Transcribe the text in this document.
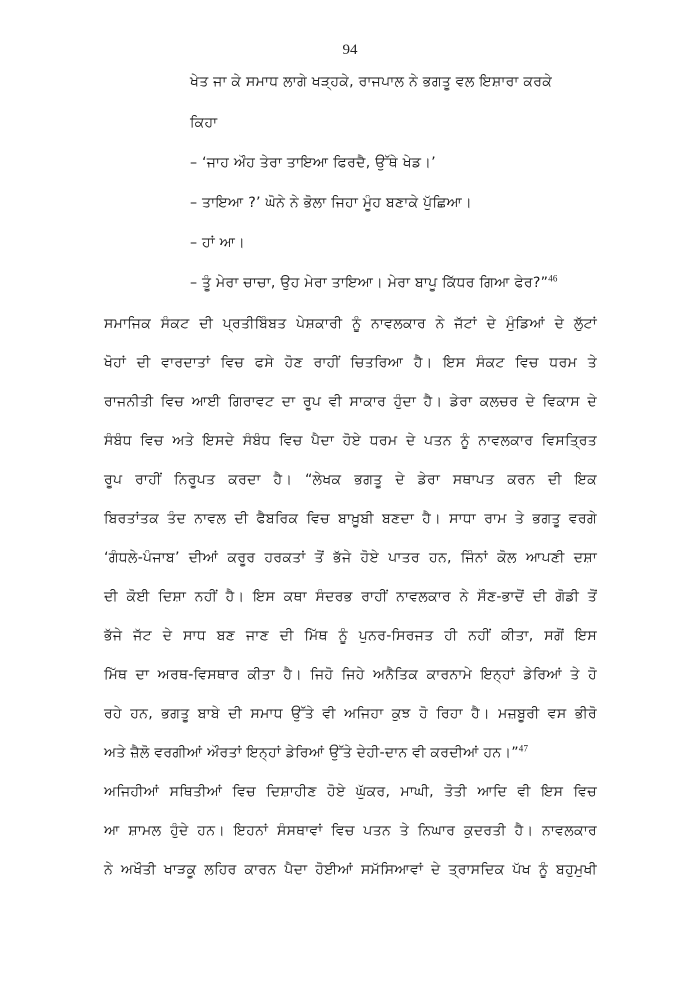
94
ਖੇਤ ਜਾ ਕੇ ਸਮਾਧ ਲਾਗੇ ਖੜ੍ਹਕੇ, ਰਾਜਪਾਲ ਨੇ ਭਗਤੂ ਵਲ ਇਸ਼ਾਰਾ ਕਰਕੇ
ਕਿਹਾ
– ‘ਜਾਹ ਔਹ ਤੇਰਾ ਤਾਇਆ ਫਿਰਦੈ, ਉੱਥੇ ਖੇਡ।’
– ਤਾਇਆ ?’ ਘੋਨੇ ਨੇ ਭੋਲਾ ਜਿਹਾ ਮੂੰਹ ਬਣਾਕੇ ਪੁੱਛਿਆ।
– ਹਾਂ ਆ।
– ਤੂੰ ਮੇਰਾ ਚਾਚਾ, ਉਹ ਮੇਰਾ ਤਾਇਆ। ਮੇਰਾ ਬਾਪੂ ਕਿੱਧਰ ਗਿਆ ਫੇਰ?”$^{46}$
ਸਮਾਜਿਕ ਸੰਕਟ ਦੀ ਪ੍ਰਤੀਬਿੰਬਤ ਪੇਸ਼ਕਾਰੀ ਨੂੰ ਨਾਵਲਕਾਰ ਨੇ ਜੱਟਾਂ ਦੇ ਮੁੰਡਿਆਂ ਦੇ ਲੁੱਟਾਂ
ਖੋਹਾਂ ਦੀ ਵਾਰਦਾਤਾਂ ਵਿਚ ਫਸੇ ਹੋਣ ਰਾਹੀਂ ਚਿਤਰਿਆ ਹੈ। ਇਸ ਸੰਕਟ ਵਿਚ ਧਰਮ ਤੇ
ਰਾਜਨੀਤੀ ਵਿਚ ਆਈ ਗਿਰਾਵਟ ਦਾ ਰੂਪ ਵੀ ਸਾਕਾਰ ਹੁੰਦਾ ਹੈ। ਡੇਰਾ ਕਲਚਰ ਦੇ ਵਿਕਾਸ ਦੇ
ਸੰਬੰਧ ਵਿਚ ਅਤੇ ਇਸਦੇ ਸੰਬੰਧ ਵਿਚ ਪੈਦਾ ਹੋਏ ਧਰਮ ਦੇ ਪਤਨ ਨੂੰ ਨਾਵਲਕਾਰ ਵਿਸਤ੍ਰਿਤ
ਰੂਪ ਰਾਹੀਂ ਨਿਰੂਪਤ ਕਰਦਾ ਹੈ। “ਲੇਖਕ ਭਗਤੂ ਦੇ ਡੇਰਾ ਸਥਾਪਤ ਕਰਨ ਦੀ ਇਕ
ਬਿਰਤਾਂਤਕ ਤੰਦ ਨਾਵਲ ਦੀ ਫੈਬਰਿਕ ਵਿਚ ਬਾਖ਼ੂਬੀ ਬਣਦਾ ਹੈ। ਸਾਧਾ ਰਾਮ ਤੇ ਭਗਤੂ ਵਰਗੇ
‘ਗੰਧਲੇ-ਪੰਜਾਬ’ ਦੀਆਂ ਕਰੂਰ ਹਰਕਤਾਂ ਤੋਂ ਭੱਜੇ ਹੋਏ ਪਾਤਰ ਹਨ, ਜਿੰਨਾਂ ਕੋਲ ਆਪਣੀ ਦਸ਼ਾ
ਦੀ ਕੋਈ ਦਿਸ਼ਾ ਨਹੀਂ ਹੈ। ਇਸ ਕਥਾ ਸੰਦਰਭ ਰਾਹੀਂ ਨਾਵਲਕਾਰ ਨੇ ਸੌਣ-ਭਾਦੋਂ ਦੀ ਗੋਡੀ ਤੋਂ
ਭੱਜੇ ਜੱਟ ਦੇ ਸਾਧ ਬਣ ਜਾਣ ਦੀ ਮਿੱਥ ਨੂੰ ਪੁਨਰ-ਸਿਰਜਤ ਹੀ ਨਹੀਂ ਕੀਤਾ, ਸਗੋਂ ਇਸ
ਮਿੱਥ ਦਾ ਅਰਥ-ਵਿਸਥਾਰ ਕੀਤਾ ਹੈ। ਜਿਹੋ ਜਿਹੇ ਅਨੈਤਿਕ ਕਾਰਨਾਮੇ ਇਨ੍ਹਾਂ ਡੇਰਿਆਂ ਤੇ ਹੋ
ਰਹੇ ਹਨ, ਭਗਤੂ ਬਾਬੇ ਦੀ ਸਮਾਧ ਉੱਤੇ ਵੀ ਅਜਿਹਾ ਕੁਝ ਹੋ ਰਿਹਾ ਹੈ। ਮਜ਼ਬੂਰੀ ਵਸ ਭੀਰੋ
ਅਤੇ ਜ਼ੈਲੋ ਵਰਗੀਆਂ ਔਰਤਾਂ ਇਨ੍ਹਾਂ ਡੇਰਿਆਂ ਉੱਤੇ ਦੇਹੀ-ਦਾਨ ਵੀ ਕਰਦੀਆਂ ਹਨ।”$^{47}$
ਅਜਿਹੀਆਂ ਸਥਿਤੀਆਂ ਵਿਚ ਦਿਸ਼ਾਹੀਣ ਹੋਏ ਘੁੱਕਰ, ਮਾਘੀ, ਤੋਤੀ ਆਦਿ ਵੀ ਇਸ ਵਿਚ
ਆ ਸ਼ਾਮਲ ਹੁੰਦੇ ਹਨ। ਇਹਨਾਂ ਸੰਸਥਾਵਾਂ ਵਿਚ ਪਤਨ ਤੇ ਨਿਘਾਰ ਕੁਦਰਤੀ ਹੈ। ਨਾਵਲਕਾਰ
ਨੇ ਅਖੌਤੀ ਖਾੜਕੂ ਲਹਿਰ ਕਾਰਨ ਪੈਦਾ ਹੋਈਆਂ ਸਮੱਸਿਆਵਾਂ ਦੇ ਤ੍ਰਾਸਦਿਕ ਪੱਖ ਨੂੰ ਬਹੁਮੁਖੀ
